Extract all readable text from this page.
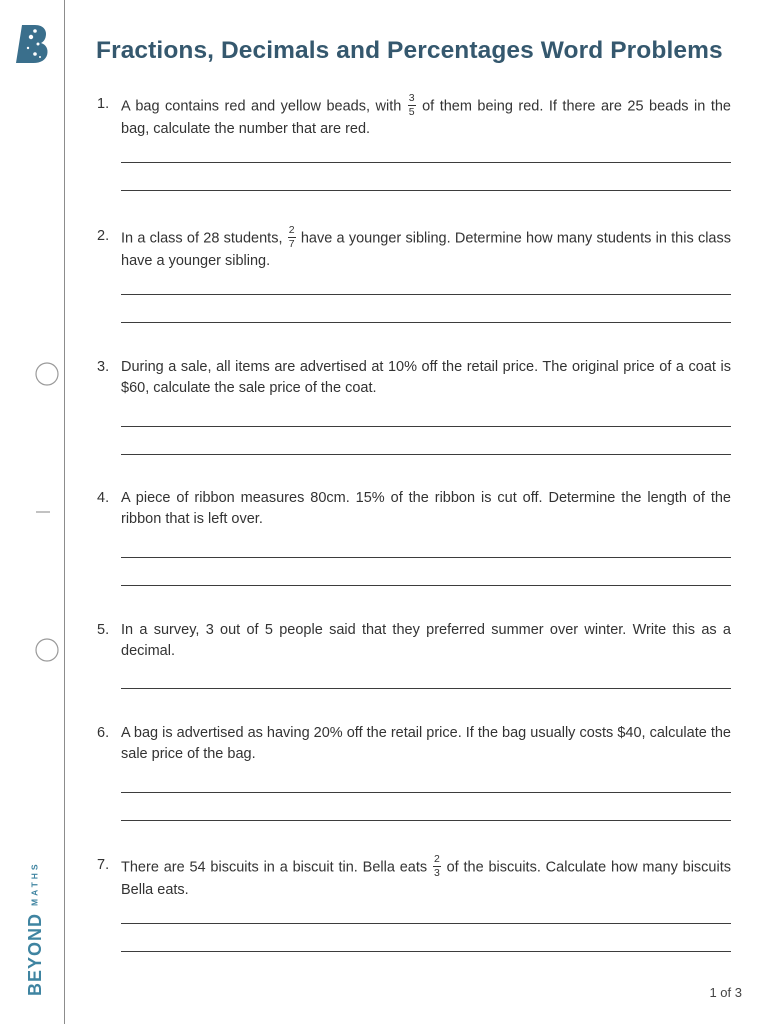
MATHS
BEYOND
Fractions, Decimals and Percentages Word Problems
1. A bag contains red and yellow beads, with $\frac{3}{5}$ of them being red. If there are 25 beads in the bag, calculate the number that are red.
2. In a class of 28 students, $\frac{2}{7}$ have a younger sibling. Determine how many students in this class have a younger sibling.
3. During a sale, all items are advertised at 10% off the retail price. The original price of a coat is $60, calculate the sale price of the coat.
4. A piece of ribbon measures 80cm. 15% of the ribbon is cut off. Determine the length of the ribbon that is left over.
5. In a survey, 3 out of 5 people said that they preferred summer over winter. Write this as a decimal.
6. A bag is advertised as having 20% off the retail price. If the bag usually costs $40, calculate the sale price of the bag.
7. There are 54 biscuits in a biscuit tin. Bella eats $\frac{2}{3}$ of the biscuits. Calculate how many biscuits Bella eats.
1 of 3
